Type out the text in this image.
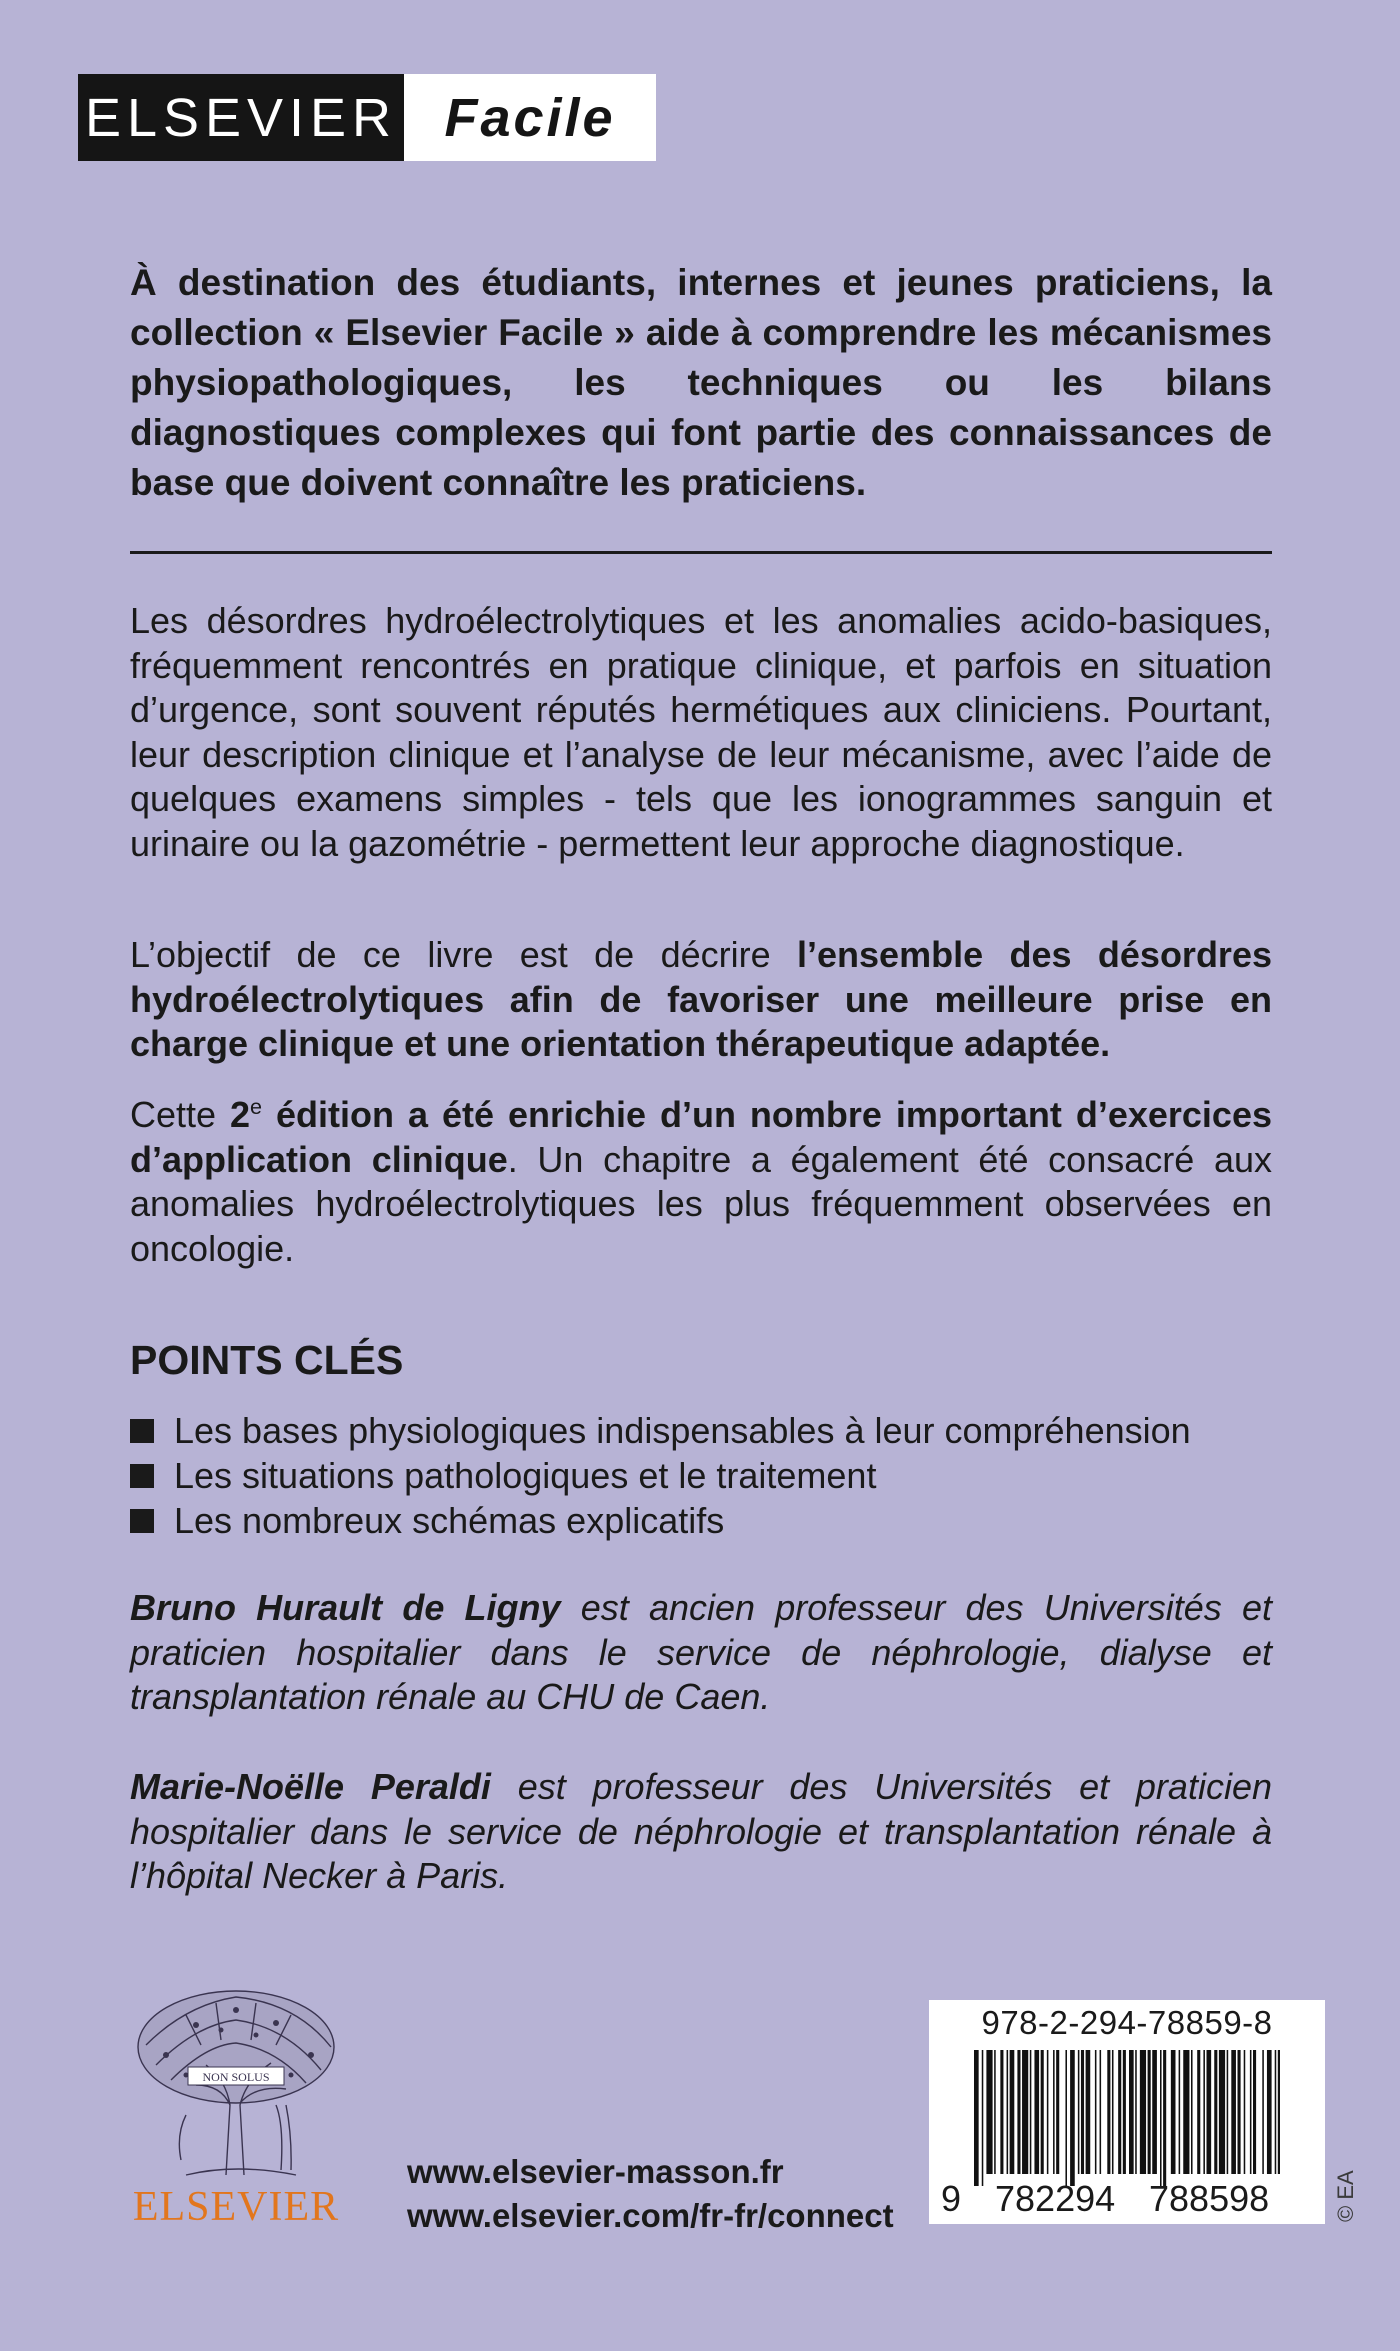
ELSEVIER Facile
À destination des étudiants, internes et jeunes praticiens, la collection « Elsevier Facile » aide à comprendre les mécanismes physiopathologiques, les techniques ou les bilans diagnostiques complexes qui font partie des connaissances de base que doivent connaître les praticiens.
Les désordres hydroélectrolytiques et les anomalies acido-basiques, fréquemment rencontrés en pratique clinique, et parfois en situation d’urgence, sont souvent réputés hermétiques aux cliniciens. Pourtant, leur description clinique et l’analyse de leur mécanisme, avec l’aide de quelques examens simples - tels que les ionogrammes sanguin et urinaire ou la gazométrie - permettent leur approche diagnostique.
L’objectif de ce livre est de décrire l’ensemble des désordres hydroélectrolytiques afin de favoriser une meilleure prise en charge clinique et une orientation thérapeutique adaptée.
Cette 2e édition a été enrichie d’un nombre important d’exercices d’application clinique. Un chapitre a également été consacré aux anomalies hydroélectrolytiques les plus fréquemment observées en oncologie.
POINTS CLÉS
Les bases physiologiques indispensables à leur compréhension
Les situations pathologiques et le traitement
Les nombreux schémas explicatifs
Bruno Hurault de Ligny est ancien professeur des Universités et praticien hospitalier dans le service de néphrologie, dialyse et transplantation rénale au CHU de Caen.
Marie-Noëlle Peraldi est professeur des Universités et praticien hospitalier dans le service de néphrologie et transplantation rénale à l’hôpital Necker à Paris.
NON SOLUS
ELSEVIER
www.elsevier-masson.fr
www.elsevier.com/fr-fr/connect
978-2-294-78859-8
9 782294 788598	© EA
